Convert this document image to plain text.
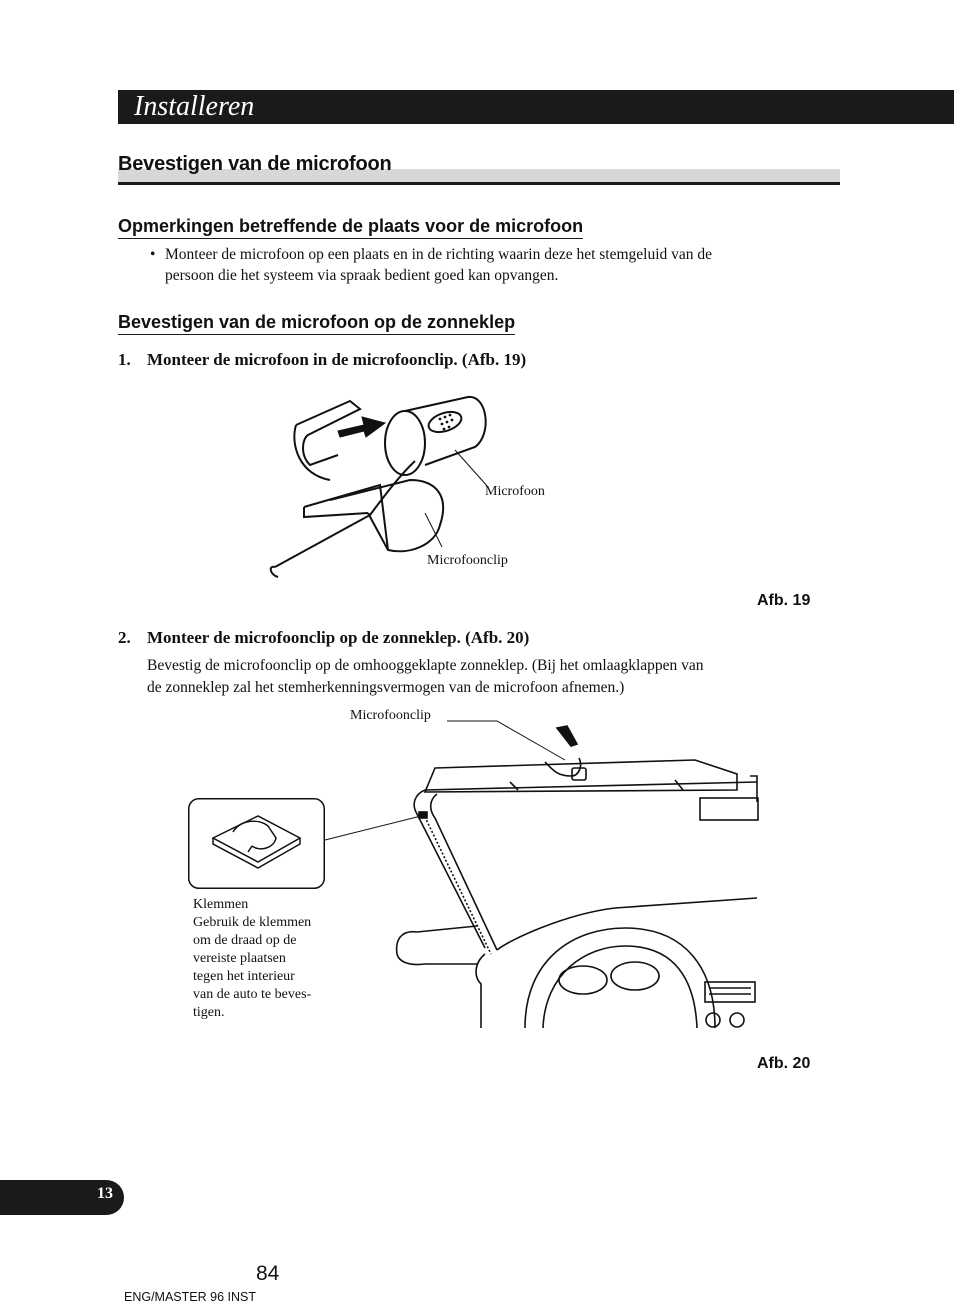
Installeren
Bevestigen van de microfoon
Opmerkingen betreffende de plaats voor de microfoon
• Monteer de microfoon op een plaats en in de richting waarin deze het stemgeluid van de
persoon die het systeem via spraak bedient goed kan opvangen.
Bevestigen van de microfoon op de zonneklep
1. Monteer de microfoon in de microfoonclip. (Afb. 19)
Microfoon
Microfoonclip
Afb. 19
2. Monteer de microfoonclip op de zonneklep. (Afb. 20)
Bevestig de microfoonclip op de omhooggeklapte zonneklep. (Bij het omlaagklappen van
de zonneklep zal het stemherkenningsvermogen van de microfoon afnemen.)
Microfoonclip
Klemmen
Gebruik de klemmen
om de draad op de
vereiste plaatsen
tegen het interieur
van de auto te beves-
tigen.
Afb. 20
13
84
ENG/MASTER 96 INST
